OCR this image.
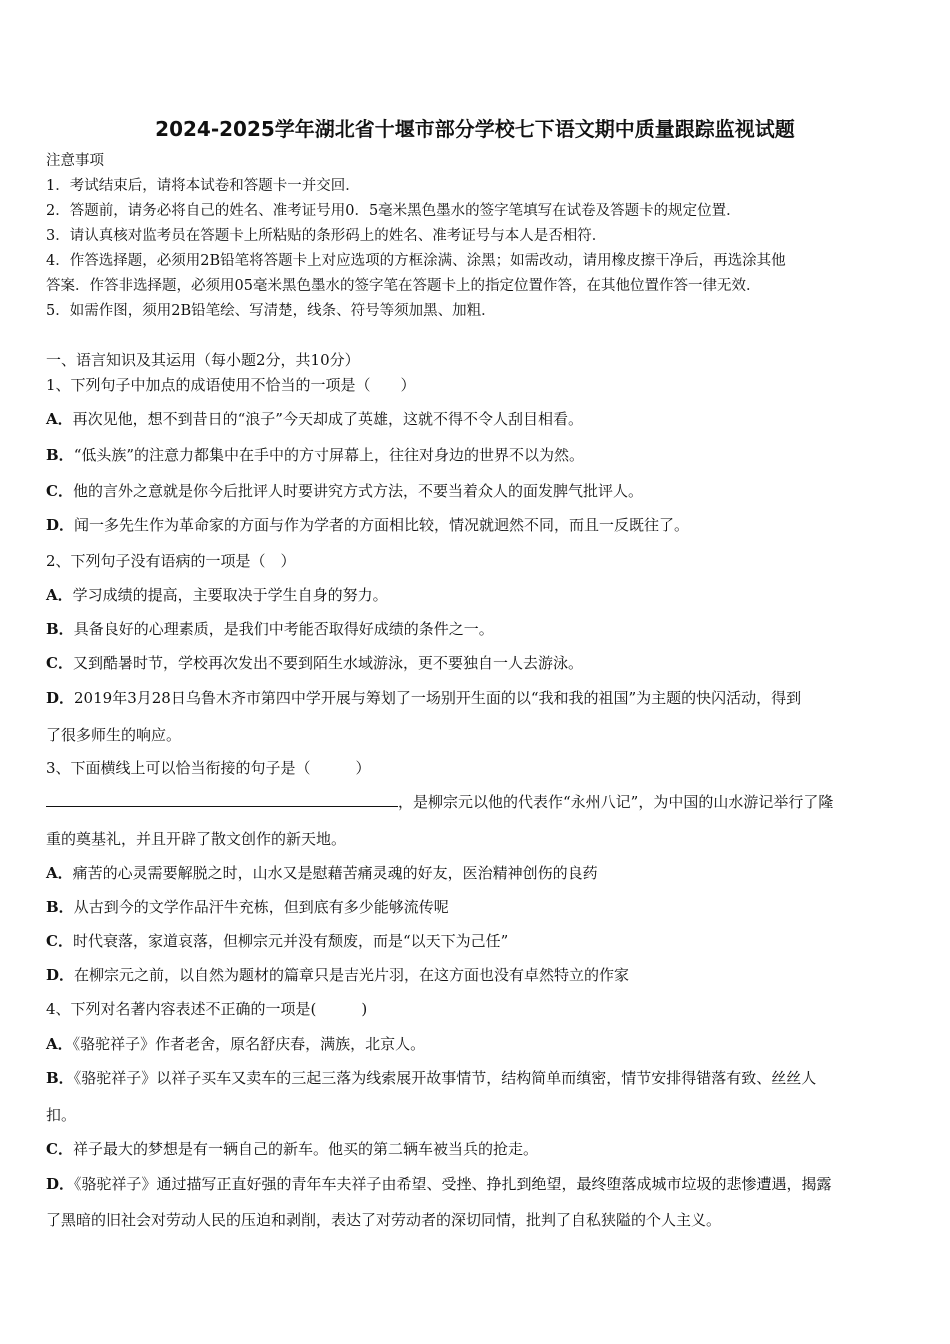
2024-2025学年湖北省十堰市部分学校七下语文期中质量跟踪监视试题
注意事项
1．考试结束后，请将本试卷和答题卡一并交回．
2．答题前，请务必将自己的姓名、准考证号用0．5毫米黑色墨水的签字笔填写在试卷及答题卡的规定位置．
3．请认真核对监考员在答题卡上所粘贴的条形码上的姓名、准考证号与本人是否相符．
4．作答选择题，必须用2B铅笔将答题卡上对应选项的方框涂满、涂黑；如需改动，请用橡皮擦干净后，再选涂其他
答案．作答非选择题，必须用05毫米黑色墨水的签字笔在答题卡上的指定位置作答，在其他位置作答一律无效．
5．如需作图，须用2B铅笔绘、写清楚，线条、符号等须加黑、加粗．
一、语言知识及其运用（每小题2分，共10分）
1、下列句子中加点的成语使用不恰当的一项是（　　）
A．再次见他，想不到昔日的“浪子”今天却成了英雄，这就不得不令人刮目相看。
B．“低头族”的注意力都集中在手中的方寸屏幕上，往往对身边的世界不以为然。
C．他的言外之意就是你今后批评人时要讲究方式方法，不要当着众人的面发脾气批评人。
D．闻一多先生作为革命家的方面与作为学者的方面相比较，情况就迥然不同，而且一反既往了。
2、下列句子没有语病的一项是（　）
A．学习成绩的提高，主要取决于学生自身的努力。
B．具备良好的心理素质，是我们中考能否取得好成绩的条件之一。
C．又到酷暑时节，学校再次发出不要到陌生水域游泳，更不要独自一人去游泳。
D．2019年3月28日乌鲁木齐市第四中学开展与筹划了一场别开生面的以“我和我的祖国”为主题的快闪活动，得到
了很多师生的响应。
3、下面横线上可以恰当衔接的句子是（　　　）
，是柳宗元以他的代表作“永州八记”，为中国的山水游记举行了隆
重的奠基礼，并且开辟了散文创作的新天地。
A．痛苦的心灵需要解脱之时，山水又是慰藉苦痛灵魂的好友，医治精神创伤的良药
B．从古到今的文学作品汗牛充栋，但到底有多少能够流传呢
C．时代衰落，家道哀落，但柳宗元并没有颓废，而是“以天下为己任”
D．在柳宗元之前，以自然为题材的篇章只是吉光片羽，在这方面也没有卓然特立的作家
4、下列对名著内容表述不正确的一项是(　　　)
A．《骆驼祥子》作者老舍，原名舒庆春，满族，北京人。
B．《骆驼祥子》以祥子买车又卖车的三起三落为线索展开故事情节，结构简单而缜密，情节安排得错落有致、丝丝人
扣。
C．祥子最大的梦想是有一辆自己的新车。他买的第二辆车被当兵的抢走。
D．《骆驼祥子》通过描写正直好强的青年车夫祥子由希望、受挫、挣扎到绝望，最终堕落成城市垃圾的悲惨遭遇，揭露
了黑暗的旧社会对劳动人民的压迫和剥削，表达了对劳动者的深切同情，批判了自私狭隘的个人主义。
